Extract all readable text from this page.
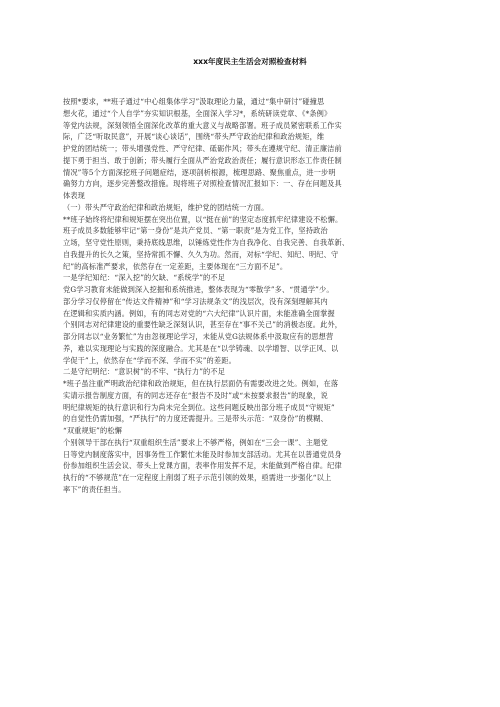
xxx年度民主生活会对照检查材料

按照*要求，**班子通过“中心组集体学习”汲取理论力量，通过“集中研讨”碰撞思

想火花，通过“个人自学”夯实知识根基，全面深入学习*，系统研读党章、《*条例》

等党内法规，深刻领悟全面深化改革的重大意义与战略部署。班子成员紧密联系工作实

际，广泛“听取民意”，开展“谈心谈话”，围绕“带头严守政治纪律和政治规矩，维

护党的团结统一；带头增强党性、严守纪律、砥砺作风；带头在遵规守纪、清正廉洁前

提下勇于担当、敢于创新；带头履行全面从严治党政治责任；履行意识形态工作责任制

情况”等5个方面深挖班子问题症结，逐项剖析根源，梳理思路、聚焦重点，进一步明

确努力方向，逐步完善整改措施。现将班子对照检查情况汇报如下：一、存在问题及具

体表现

（一）带头严守政治纪律和政治规矩，维护党的团结统一方面。

**班子始终将纪律和规矩摆在突出位置，以“挺在前”的坚定态度抓牢纪律建设不松懈。

班子成员多数能够牢记“第一身份”是共产党员、“第一职责”是为党工作，坚持政治

立场，坚守党性原则，秉持底线思维，以锤炼党性作为自我净化、自我完善、自我革新、

自我提升的长久之策，坚持常抓不懈、久久为功。然而，对标“学纪、知纪、明纪、守

纪”的高标准严要求，依然存在一定差距，主要体现在“三方面不足”。

一是学纪知纪：“深入挖”的欠缺、“系统学”的不足

党G学习教育未能做到深入挖掘和系统推进，整体表现为“零散学”多、“贯通学”少。

部分学习仅停留在“传达文件精神”和“学习法规条文”的浅层次，没有深刻理解其内

在逻辑和实质内涵。例如，有的同志对党的“六大纪律”认识片面，未能准确全面掌握

个别同志对纪律建设的重要性缺乏深刻认识，甚至存在“事不关己”的消极态度。此外，

部分同志以“业务繁忙”为由忽视理论学习，未能从党G法规体系中汲取应有的思想营

养，难以实现理论与实践的深度融合。尤其是在“以学铸魂、以学增智、以学正风、以

学促干”上，依然存在“学而不深、学而不实”的差距。

二是守纪明纪：“意识树”的不牢、“执行力”的不足

*班子虽注重严明政治纪律和政治规矩，但在执行层面仍有需要改进之处。例如，在落

实请示报告制度方面，有的同志还存在“报告不及时”或“未按要求报告”的现象，说

明纪律规矩的执行意识和行为尚未完全到位。这些问题反映出部分班子成员“守规矩”

的自觉性仍需加强，“严执行”的力度还需提升。三是带头示范：“双身份”的模糊、

“双重规矩”的松懈

个别领导干部在执行“双重组织生活”要求上不够严格，例如在“三会一课”、主题党

日等党内制度落实中，因事务性工作繁忙未能及时参加支部活动。尤其在以普通党员身

份参加组织生活会议、带头上党课方面，表率作用发挥不足，未能做到严格自律。纪律

执行的“不够规范”在一定程度上削弱了班子示范引领的效果，亟需进一步强化“以上

率下”的责任担当。
